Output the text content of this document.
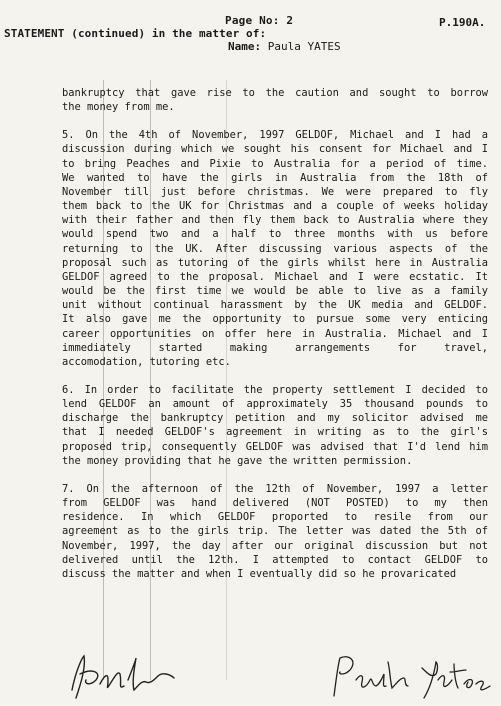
Page No: 2	P.190A.
STATEMENT (continued) in the matter of:
Name: Paula YATES
bankruptcy that gave rise to the caution and sought to borrow
the money from me.
5. On the 4th of November, 1997 GELDOF, Michael and I had a
discussion during which we sought his consent for Michael and I
to bring Peaches and Pixie to Australia for a period of time.
We wanted to have the girls in Australia from the 18th of
November till just before christmas. We were prepared to fly
them back to the UK for Christmas and a couple of weeks holiday
with their father and then fly them back to Australia where they
would spend two and a half to three months with us before
returning to the UK. After discussing various aspects of the
proposal such as tutoring of the girls whilst here in Australia
GELDOF agreed to the proposal. Michael and I were ecstatic. It
would be the first time we would be able to live as a family
unit without continual harassment by the UK media and GELDOF.
It also gave me the opportunity to pursue some very enticing
career opportunities on offer here in Australia. Michael and I
immediately started making arrangements for travel,
accomodation, tutoring etc.
6. In order to facilitate the property settlement I decided to
lend GELDOF an amount of approximately 35 thousand pounds to
discharge the bankruptcy petition and my solicitor advised me
that I needed GELDOF's agreement in writing as to the girl's
proposed trip, consequently GELDOF was advised that I'd lend him
the money providing that he gave the written permission.
7. On the afternoon of the 12th of November, 1997 a letter
from GELDOF was hand delivered (NOT POSTED) to my then
residence. In which GELDOF proported to resile from our
agreement as to the girls trip. The letter was dated the 5th of
November, 1997, the day after our original discussion but not
delivered until the 12th. I attempted to contact GELDOF to
discuss the matter and when I eventually did so he provaricated
